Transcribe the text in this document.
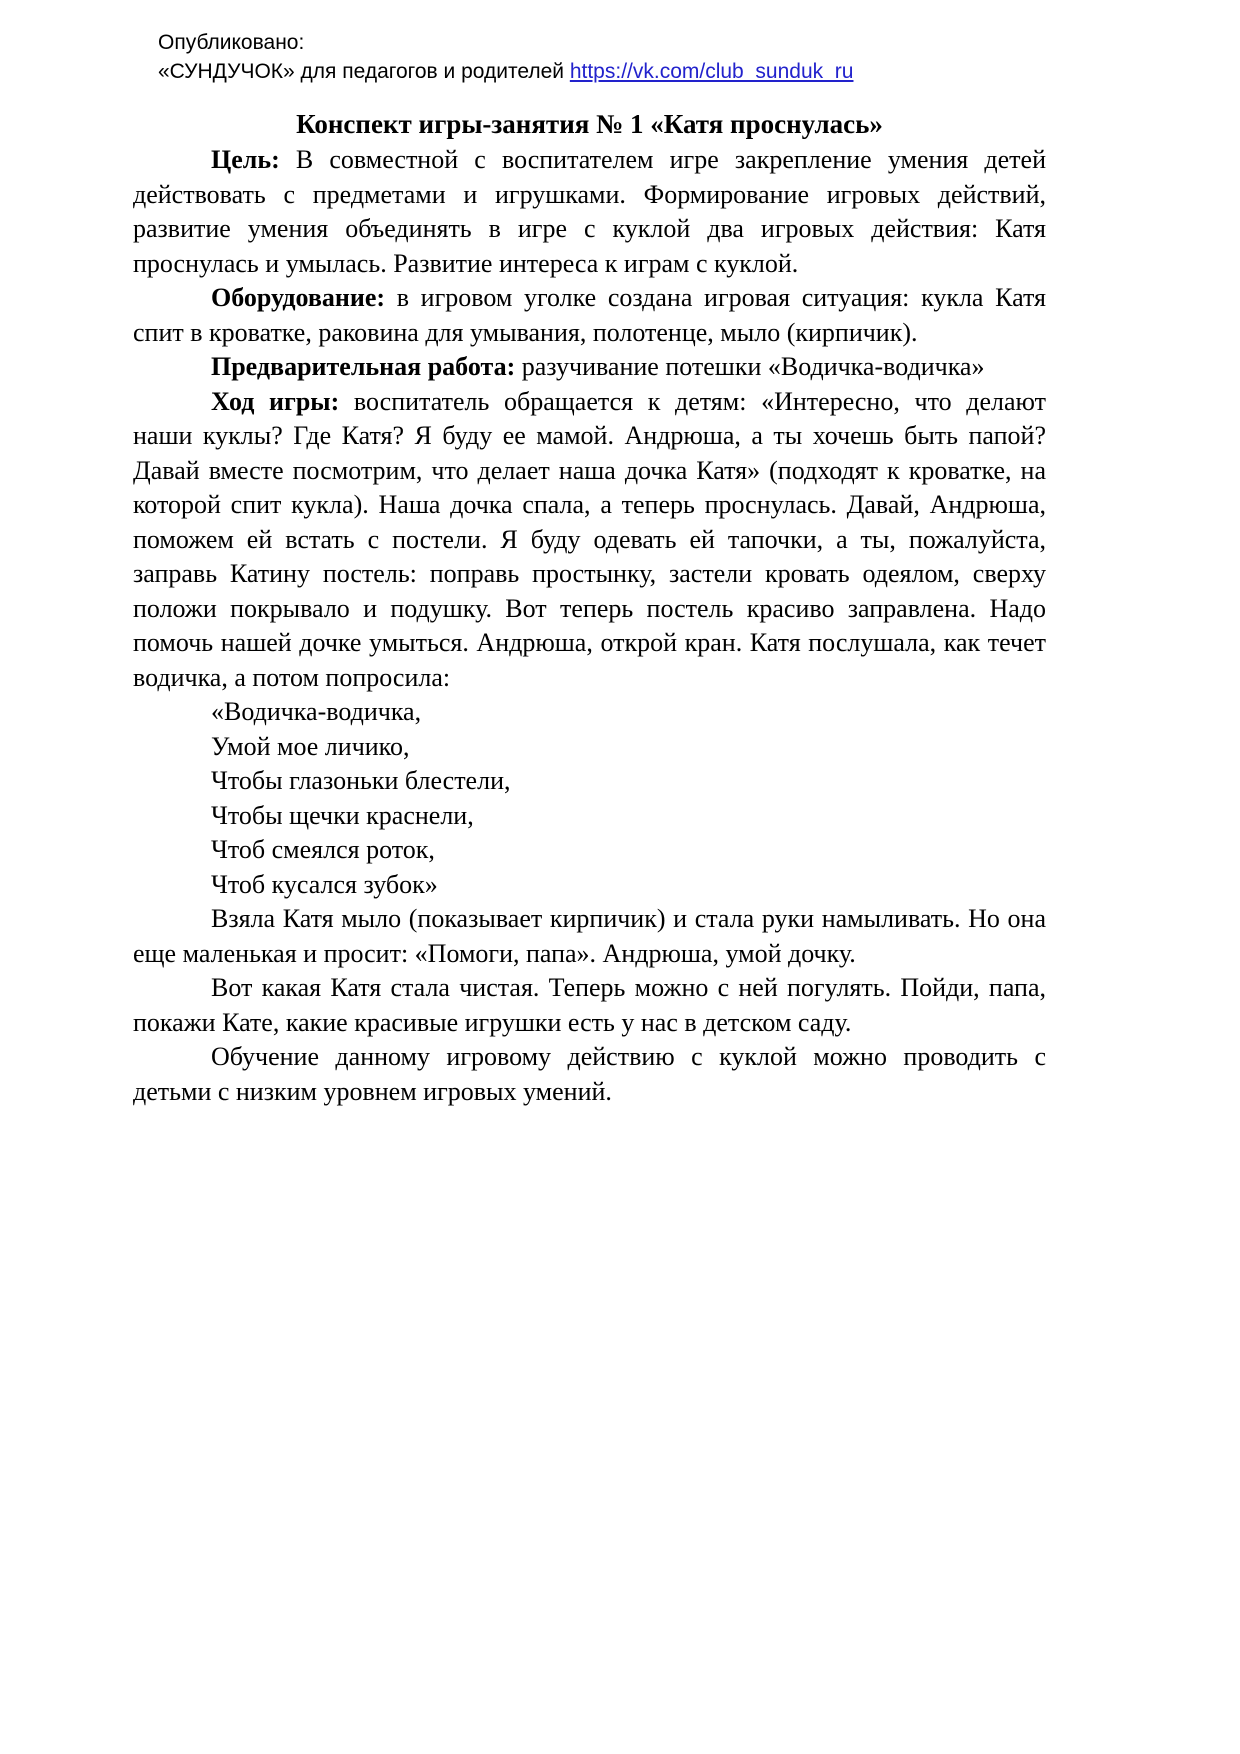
Опубликовано:
«СУНДУЧОК» для педагогов и родителей https://vk.com/club_sunduk_ru
Конспект игры-занятия № 1 «Катя проснулась»

Цель: В совместной с воспитателем игре закрепление умения детей действовать с предметами и игрушками. Формирование игровых действий, развитие умения объединять в игре с куклой два игровых действия: Катя проснулась и умылась. Развитие интереса к играм с куклой.

Оборудование: в игровом уголке создана игровая ситуация: кукла Катя спит в кроватке, раковина для умывания, полотенце, мыло (кирпичик).

Предварительная работа: разучивание потешки «Водичка-водичка»

Ход игры: воспитатель обращается к детям: «Интересно, что делают наши куклы? Где Катя? Я буду ее мамой. Андрюша, а ты хочешь быть папой? Давай вместе посмотрим, что делает наша дочка Катя» (подходят к кроватке, на которой спит кукла). Наша дочка спала, а теперь проснулась. Давай, Андрюша, поможем ей встать с постели. Я буду одевать ей тапочки, а ты, пожалуйста, заправь Катину постель: поправь простынку, застели кровать одеялом, сверху положи покрывало и подушку. Вот теперь постель красиво заправлена. Надо помочь нашей дочке умыться. Андрюша, открой кран. Катя послушала, как течет водичка, а потом попросила:

«Водичка-водичка,
Умой мое личико,
Чтобы глазоньки блестели,
Чтобы щечки краснели,
Чтоб смеялся роток,
Чтоб кусался зубок»

Взяла Катя мыло (показывает кирпичик) и стала руки намыливать. Но она еще маленькая и просит: «Помоги, папа». Андрюша, умой дочку.

Вот какая Катя стала чистая. Теперь можно с ней погулять. Пойди, папа, покажи Кате, какие красивые игрушки есть у нас в детском саду.

Обучение данному игровому действию с куклой можно проводить с детьми с низким уровнем игровых умений.
